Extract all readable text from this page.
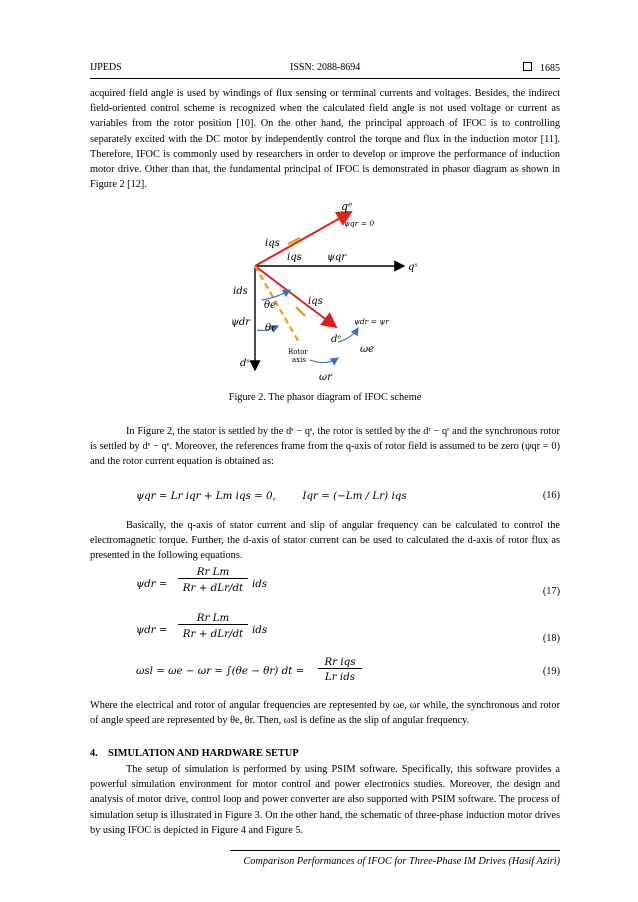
IJPEDS	ISSN: 2088-8694	1685

acquired field angle is used by windings of flux sensing or terminal currents and voltages. Besides, the indirect field-oriented control scheme is recognized when the calculated field angle is not used voltage or current as variables from the rotor position [10]. On the other hand, the principal approach of IFOC is to controlling separately excited with the DC motor by independently control the torque and flux in the induction motor [11]. Therefore, IFOC is commonly used by researchers in order to develop or improve the performance of induction motor drive. Other than that, the fundamental principal of IFOC is demonstrated in phasor diagram as shown in Figure 2 [12].

qᵉ
ψqr = 0
iqs
iqs	ψqr
qˢ
ids
θe	iqs
ψdr
θr
ψdr = ψr
dᵉ
ωe
dˢ
Rotor
axis
ωr
Figure 2. The phasor diagram of IFOC scheme

In Figure 2, the stator is settled by the dˢ − qˢ, the rotor is settled by the dʳ − qʳ and the synchronous rotor is settled by dᵉ − qᵉ. Moreover, the references frame from the q-axis of rotor field is assumed to be zero (ψqr = 0) and the rotor current equation is obtained as:

ψqr = Lr iqr + Lm iqs = 0,	Iqr = (−Lm / Lr) iqs	(16)

Basically, the q-axis of stator current and slip of angular frequency can be calculated to control the electromagnetic torque. Further, the d-axis of stator current can be used to calculated the d-axis of rotor flux as presented in the following equations.

ψdr =
Rr Lm
Rr + dLr/dt ids
(17)
ψdr =
Rr Lm
Rr + dLr/dt ids
(18)
ωsl = ωe − ωr = ∫(θe − θr) dt =
Rr iqs
Lr ids	(19)

Where the electrical and rotor of angular frequencies are represented by ωe, ωr while, the synchronous and rotor of angle speed are represented by θe, θr. Then, ωsl is define as the slip of angular frequency.

4.    SIMULATION AND HARDWARE SETUP

The setup of simulation is performed by using PSIM software. Specifically, this software provides a powerful simulation environment for motor control and power electronics studies. Moreover, the design and analysis of motor drive, control loop and power converter are also supported with PSIM software. The process of simulation setup is illustrated in Figure 3. On the other hand, the schematic of three-phase induction motor drives by using IFOC is depicted in Figure 4 and Figure 5.

Comparison Performances of IFOC for Three-Phase IM Drives (Hasif Aziri)
